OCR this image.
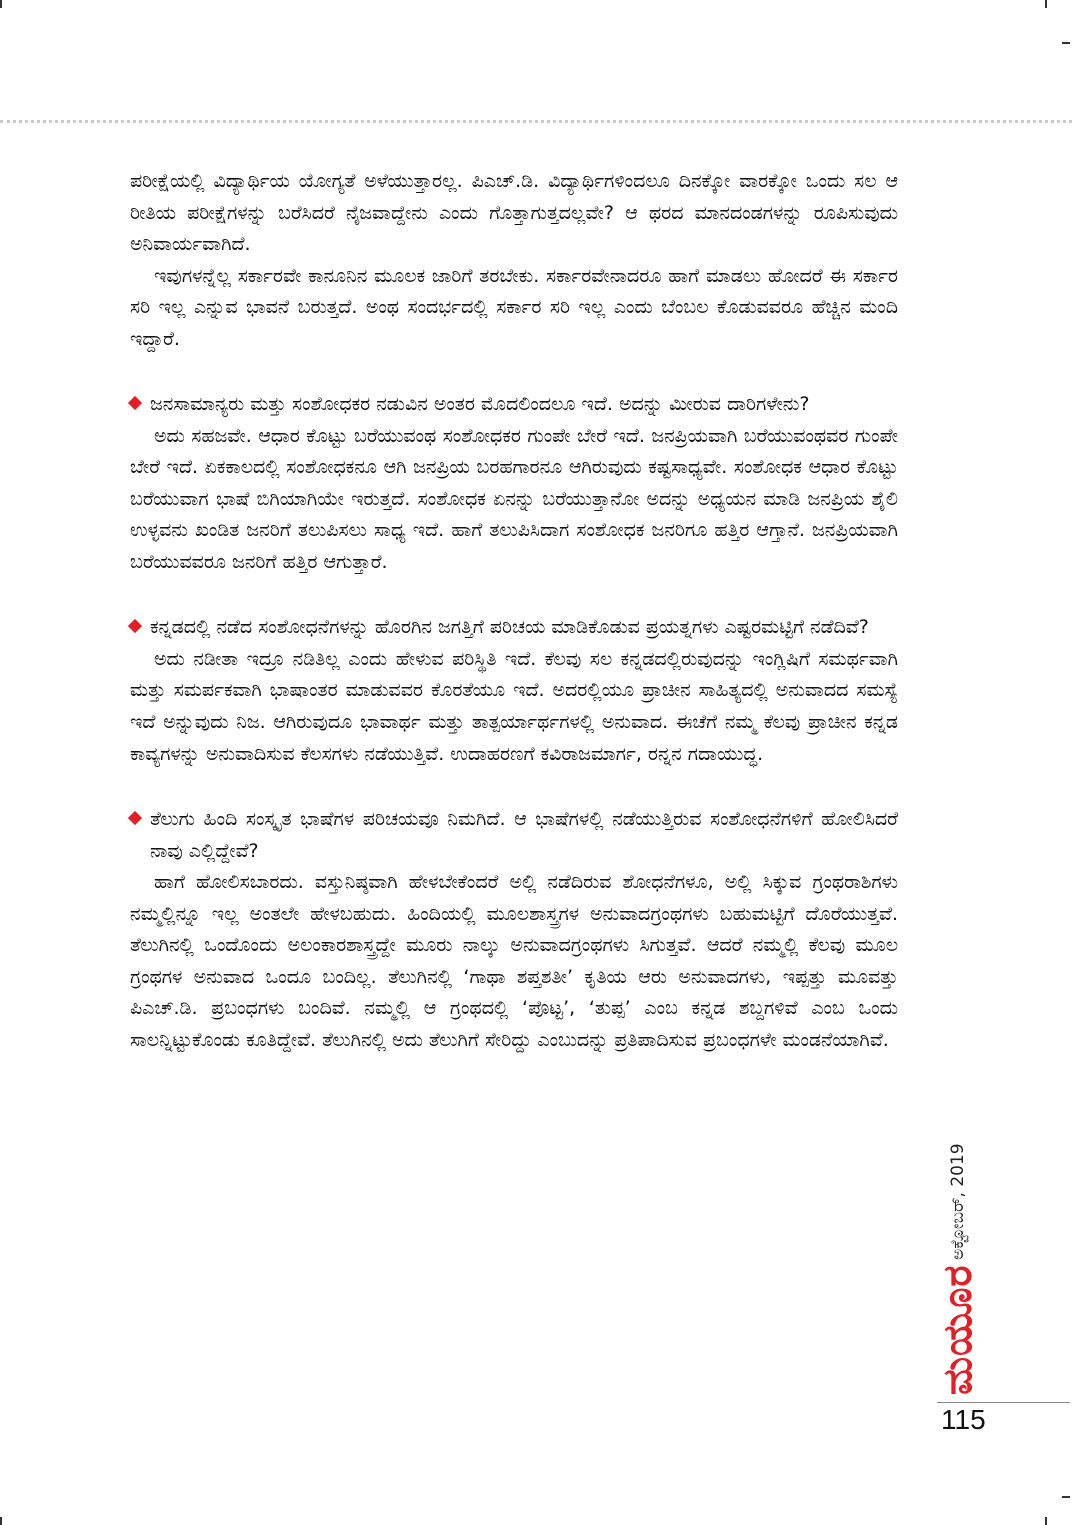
ಪರೀಕ್ಷೆಯಲ್ಲಿ ವಿದ್ಯಾರ್ಥಿಯ ಯೋಗ್ಯತೆ ಅಳೆಯುತ್ತಾರಲ್ಲ. ಪಿಎಚ್.ಡಿ. ವಿದ್ಯಾರ್ಥಿಗಳಿಂದಲೂ ದಿನಕ್ಕೋ ವಾರಕ್ಕೋ ಒಂದು ಸಲ ಆ ರೀತಿಯ ಪರೀಕ್ಷೆಗಳನ್ನು ಬರೆಸಿದರೆ ನೈಜವಾದ್ದೇನು ಎಂದು ಗೊತ್ತಾಗುತ್ತದಲ್ಲವೇ? ಆ ಥರದ ಮಾನದಂಡಗಳನ್ನು ರೂಪಿಸುವುದು ಅನಿವಾರ್ಯವಾಗಿದೆ.

ಇವುಗಳನ್ನೆಲ್ಲ ಸರ್ಕಾರವೇ ಕಾನೂನಿನ ಮೂಲಕ ಜಾರಿಗೆ ತರಬೇಕು. ಸರ್ಕಾರವೇನಾದರೂ ಹಾಗೆ ಮಾಡಲು ಹೋದರೆ ಈ ಸರ್ಕಾರ ಸರಿ ಇಲ್ಲ ಎನ್ನುವ ಭಾವನೆ ಬರುತ್ತದೆ. ಅಂಥ ಸಂದರ್ಭದಲ್ಲಿ ಸರ್ಕಾರ ಸರಿ ಇಲ್ಲ ಎಂದು ಬೆಂಬಲ ಕೊಡುವವರೂ ಹೆಚ್ಚಿನ ಮಂದಿ ಇದ್ದಾರೆ.

ಜನಸಾಮಾನ್ಯರು ಮತ್ತು ಸಂಶೋಧಕರ ನಡುವಿನ ಅಂತರ ಮೊದಲಿಂದಲೂ ಇದೆ. ಅದನ್ನು ಮೀರುವ ದಾರಿಗಳೇನು?

ಅದು ಸಹಜವೇ. ಆಧಾರ ಕೊಟ್ಟು ಬರೆಯುವಂಥ ಸಂಶೋಧಕರ ಗುಂಪೇ ಬೇರೆ ಇದೆ. ಜನಪ್ರಿಯವಾಗಿ ಬರೆಯುವಂಥವರ ಗುಂಪೇ ಬೇರೆ ಇದೆ. ಏಕಕಾಲದಲ್ಲಿ ಸಂಶೋಧಕನೂ ಆಗಿ ಜನಪ್ರಿಯ ಬರಹಗಾರನೂ ಆಗಿರುವುದು ಕಷ್ಟಸಾಧ್ಯವೇ. ಸಂಶೋಧಕ ಆಧಾರ ಕೊಟ್ಟು ಬರೆಯುವಾಗ ಭಾಷೆ ಬಿಗಿಯಾಗಿಯೇ ಇರುತ್ತದೆ. ಸಂಶೋಧಕ ಏನನ್ನು ಬರೆಯುತ್ತಾನೋ ಅದನ್ನು ಅಧ್ಯಯನ ಮಾಡಿ ಜನಪ್ರಿಯ ಶೈಲಿ ಉಳ್ಳವನು ಖಂಡಿತ ಜನರಿಗೆ ತಲುಪಿಸಲು ಸಾಧ್ಯ ಇದೆ. ಹಾಗೆ ತಲುಪಿಸಿದಾಗ ಸಂಶೋಧಕ ಜನರಿಗೂ ಹತ್ತಿರ ಆಗ್ತಾನೆ. ಜನಪ್ರಿಯವಾಗಿ ಬರೆಯುವವರೂ ಜನರಿಗೆ ಹತ್ತಿರ ಆಗುತ್ತಾರೆ.

ಕನ್ನಡದಲ್ಲಿ ನಡೆದ ಸಂಶೋಧನೆಗಳನ್ನು ಹೊರಗಿನ ಜಗತ್ತಿಗೆ ಪರಿಚಯ ಮಾಡಿಕೊಡುವ ಪ್ರಯತ್ನಗಳು ಎಷ್ಟರಮಟ್ಟಿಗೆ ನಡೆದಿವೆ?

ಅದು ನಡೀತಾ ಇದ್ರೂ ನಡಿತಿಲ್ಲ ಎಂದು ಹೇಳುವ ಪರಿಸ್ಥಿತಿ ಇದೆ. ಕೆಲವು ಸಲ ಕನ್ನಡದಲ್ಲಿರುವುದನ್ನು ಇಂಗ್ಲಿಷಿಗೆ ಸಮರ್ಥವಾಗಿ ಮತ್ತು ಸಮರ್ಪಕವಾಗಿ ಭಾಷಾಂತರ ಮಾಡುವವರ ಕೊರತೆಯೂ ಇದೆ. ಅದರಲ್ಲಿಯೂ ಪ್ರಾಚೀನ ಸಾಹಿತ್ಯದಲ್ಲಿ ಅನುವಾದದ ಸಮಸ್ಯೆ ಇದೆ ಅನ್ನುವುದು ನಿಜ. ಆಗಿರುವುದೂ ಭಾವಾರ್ಥ ಮತ್ತು ತಾತ್ಪರ್ಯಾರ್ಥಗಳಲ್ಲಿ ಅನುವಾದ. ಈಚೆಗೆ ನಮ್ಮ ಕೆಲವು ಪ್ರಾಚೀನ ಕನ್ನಡ ಕಾವ್ಯಗಳನ್ನು ಅನುವಾದಿಸುವ ಕೆಲಸಗಳು ನಡೆಯುತ್ತಿವೆ. ಉದಾಹರಣಗೆ ಕವಿರಾಜಮಾರ್ಗ, ರನ್ನನ ಗದಾಯುದ್ಧ.

ತೆಲುಗು ಹಿಂದಿ ಸಂಸ್ಕೃತ ಭಾಷೆಗಳ ಪರಿಚಯವೂ ನಿಮಗಿದೆ. ಆ ಭಾಷೆಗಳಲ್ಲಿ ನಡೆಯುತ್ತಿರುವ ಸಂಶೋಧನೆಗಳಿಗೆ ಹೋಲಿಸಿದರೆ ನಾವು ಎಲ್ಲಿದ್ದೇವೆ?

ಹಾಗೆ ಹೋಲಿಸಬಾರದು. ವಸ್ತುನಿಷ್ಠವಾಗಿ ಹೇಳಬೇಕೆಂದರೆ ಅಲ್ಲಿ ನಡೆದಿರುವ ಶೋಧನೆಗಳೂ, ಅಲ್ಲಿ ಸಿಕ್ಕುವ ಗ್ರಂಥರಾಶಿಗಳು ನಮ್ಮಲ್ಲಿನ್ನೂ ಇಲ್ಲ ಅಂತಲೇ ಹೇಳಬಹುದು. ಹಿಂದಿಯಲ್ಲಿ ಮೂಲಶಾಸ್ತ್ರಗಳ ಅನುವಾದಗ್ರಂಥಗಳು ಬಹುಮಟ್ಟಿಗೆ ದೊರೆಯುತ್ತವೆ. ತೆಲುಗಿನಲ್ಲಿ ಒಂದೊಂದು ಅಲಂಕಾರಶಾಸ್ತ್ರದ್ದೇ ಮೂರು ನಾಲ್ಕು ಅನುವಾದಗ್ರಂಥಗಳು ಸಿಗುತ್ತವೆ. ಆದರೆ ನಮ್ಮಲ್ಲಿ ಕೆಲವು ಮೂಲ ಗ್ರಂಥಗಳ ಅನುವಾದ ಒಂದೂ ಬಂದಿಲ್ಲ. ತೆಲುಗಿನಲ್ಲಿ ‘ಗಾಥಾ ಶಪ್ತಶತೀ’ ಕೃತಿಯ ಆರು ಅನುವಾದಗಳು, ಇಪ್ಪತ್ತು ಮೂವತ್ತು ಪಿಎಚ್.ಡಿ. ಪ್ರಬಂಧಗಳು ಬಂದಿವೆ. ನಮ್ಮಲ್ಲಿ ಆ ಗ್ರಂಥದಲ್ಲಿ ‘ಪೊಟ್ಟ’, ‘ತುಪ್ಪ’ ಎಂಬ ಕನ್ನಡ ಶಬ್ದಗಳಿವೆ ಎಂಬ ಒಂದು ಸಾಲನ್ನಿಟ್ಟುಕೊಂಡು ಕೂತಿದ್ದೇವೆ. ತೆಲುಗಿನಲ್ಲಿ ಅದು ತೆಲುಗಿಗೆ ಸೇರಿದ್ದು ಎಂಬುದನ್ನು ಪ್ರತಿಪಾದಿಸುವ ಪ್ರಬಂಧಗಳೇ ಮಂಡನೆಯಾಗಿವೆ.

ಅಕ್ಟೋಬರ್, 2019
ಮಯೂರ
115
